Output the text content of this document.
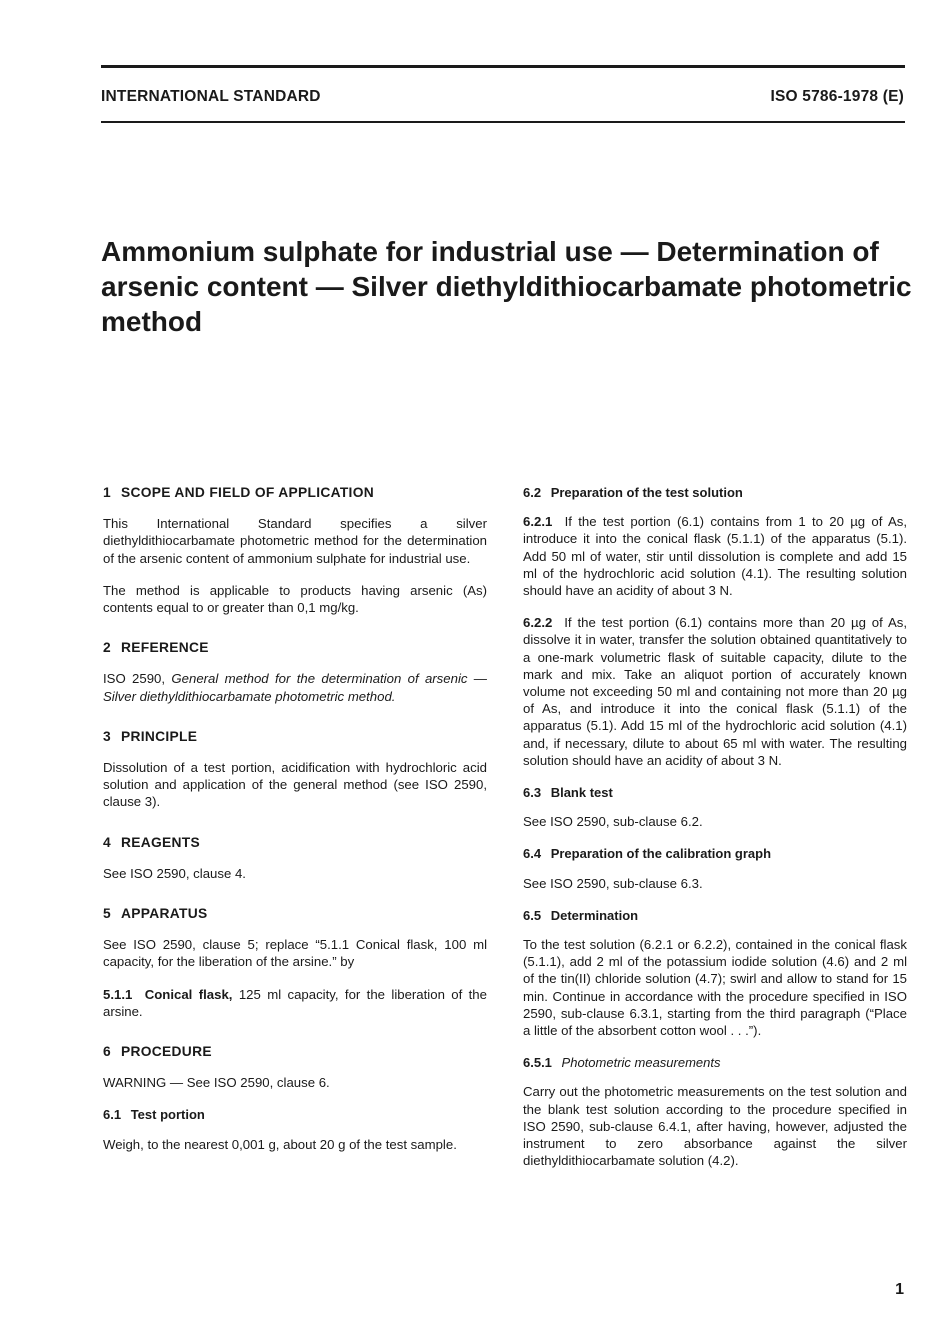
INTERNATIONAL STANDARD	ISO 5786-1978 (E)
Ammonium sulphate for industrial use — Determination of arsenic content — Silver diethyldithiocarbamate photometric method
1 SCOPE AND FIELD OF APPLICATION

This International Standard specifies a silver diethyldithiocarbamate photometric method for the determination of the arsenic content of ammonium sulphate for industrial use.

The method is applicable to products having arsenic (As) contents equal to or greater than 0,1 mg/kg.

2 REFERENCE

ISO 2590, General method for the determination of arsenic — Silver diethyldithiocarbamate photometric method.

3 PRINCIPLE

Dissolution of a test portion, acidification with hydrochloric acid solution and application of the general method (see ISO 2590, clause 3).

4 REAGENTS

See ISO 2590, clause 4.

5 APPARATUS

See ISO 2590, clause 5; replace “5.1.1 Conical flask, 100 ml capacity, for the liberation of the arsine.” by

5.1.1 Conical flask, 125 ml capacity, for the liberation of the arsine.

6 PROCEDURE

WARNING — See ISO 2590, clause 6.

6.1 Test portion

Weigh, to the nearest 0,001 g, about 20 g of the test sample.

6.2 Preparation of the test solution

6.2.1 If the test portion (6.1) contains from 1 to 20 µg of As, introduce it into the conical flask (5.1.1) of the apparatus (5.1). Add 50 ml of water, stir until dissolution is complete and add 15 ml of the hydrochloric acid solution (4.1). The resulting solution should have an acidity of about 3 N.

6.2.2 If the test portion (6.1) contains more than 20 µg of As, dissolve it in water, transfer the solution obtained quantitatively to a one-mark volumetric flask of suitable capacity, dilute to the mark and mix. Take an aliquot portion of accurately known volume not exceeding 50 ml and containing not more than 20 µg of As, and introduce it into the conical flask (5.1.1) of the apparatus (5.1). Add 15 ml of the hydrochloric acid solution (4.1) and, if necessary, dilute to about 65 ml with water. The resulting solution should have an acidity of about 3 N.

6.3 Blank test

See ISO 2590, sub-clause 6.2.

6.4 Preparation of the calibration graph

See ISO 2590, sub-clause 6.3.

6.5 Determination

To the test solution (6.2.1 or 6.2.2), contained in the conical flask (5.1.1), add 2 ml of the potassium iodide solution (4.6) and 2 ml of the tin(II) chloride solution (4.7); swirl and allow to stand for 15 min. Continue in accordance with the procedure specified in ISO 2590, sub-clause 6.3.1, starting from the third paragraph (“Place a little of the absorbent cotton wool . . .”).

6.5.1 Photometric measurements

Carry out the photometric measurements on the test solution and the blank test solution according to the procedure specified in ISO 2590, sub-clause 6.4.1, after having, however, adjusted the instrument to zero absorbance against the silver diethyldithiocarbamate solution (4.2).

1
